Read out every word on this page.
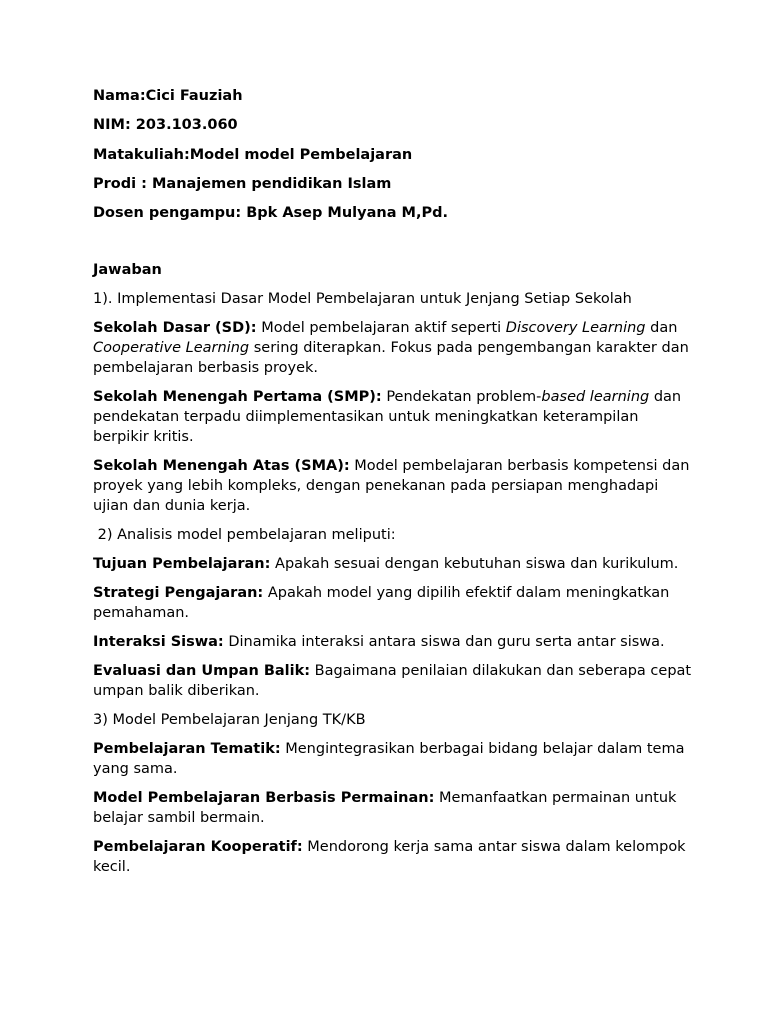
Nama:Cici Fauziah
NIM: 203.103.060
Matakuliah:Model model Pembelajaran
Prodi : Manajemen pendidikan Islam
Dosen pengampu: Bpk Asep Mulyana M,Pd.
Jawaban
1). Implementasi Dasar Model Pembelajaran untuk Jenjang Setiap Sekolah
Sekolah Dasar (SD): Model pembelajaran aktif seperti Discovery Learning dan Cooperative Learning sering diterapkan. Fokus pada pengembangan karakter dan pembelajaran berbasis proyek.
Sekolah Menengah Pertama (SMP): Pendekatan problem-based learning dan pendekatan terpadu diimplementasikan untuk meningkatkan keterampilan berpikir kritis.
Sekolah Menengah Atas (SMA): Model pembelajaran berbasis kompetensi dan proyek yang lebih kompleks, dengan penekanan pada persiapan menghadapi ujian dan dunia kerja.
2) Analisis model pembelajaran meliputi:
Tujuan Pembelajaran: Apakah sesuai dengan kebutuhan siswa dan kurikulum.
Strategi Pengajaran: Apakah model yang dipilih efektif dalam meningkatkan pemahaman.
Interaksi Siswa: Dinamika interaksi antara siswa dan guru serta antar siswa.
Evaluasi dan Umpan Balik: Bagaimana penilaian dilakukan dan seberapa cepat umpan balik diberikan.
3) Model Pembelajaran Jenjang TK/KB
Pembelajaran Tematik: Mengintegrasikan berbagai bidang belajar dalam tema yang sama.
Model Pembelajaran Berbasis Permainan: Memanfaatkan permainan untuk belajar sambil bermain.
Pembelajaran Kooperatif: Mendorong kerja sama antar siswa dalam kelompok kecil.
